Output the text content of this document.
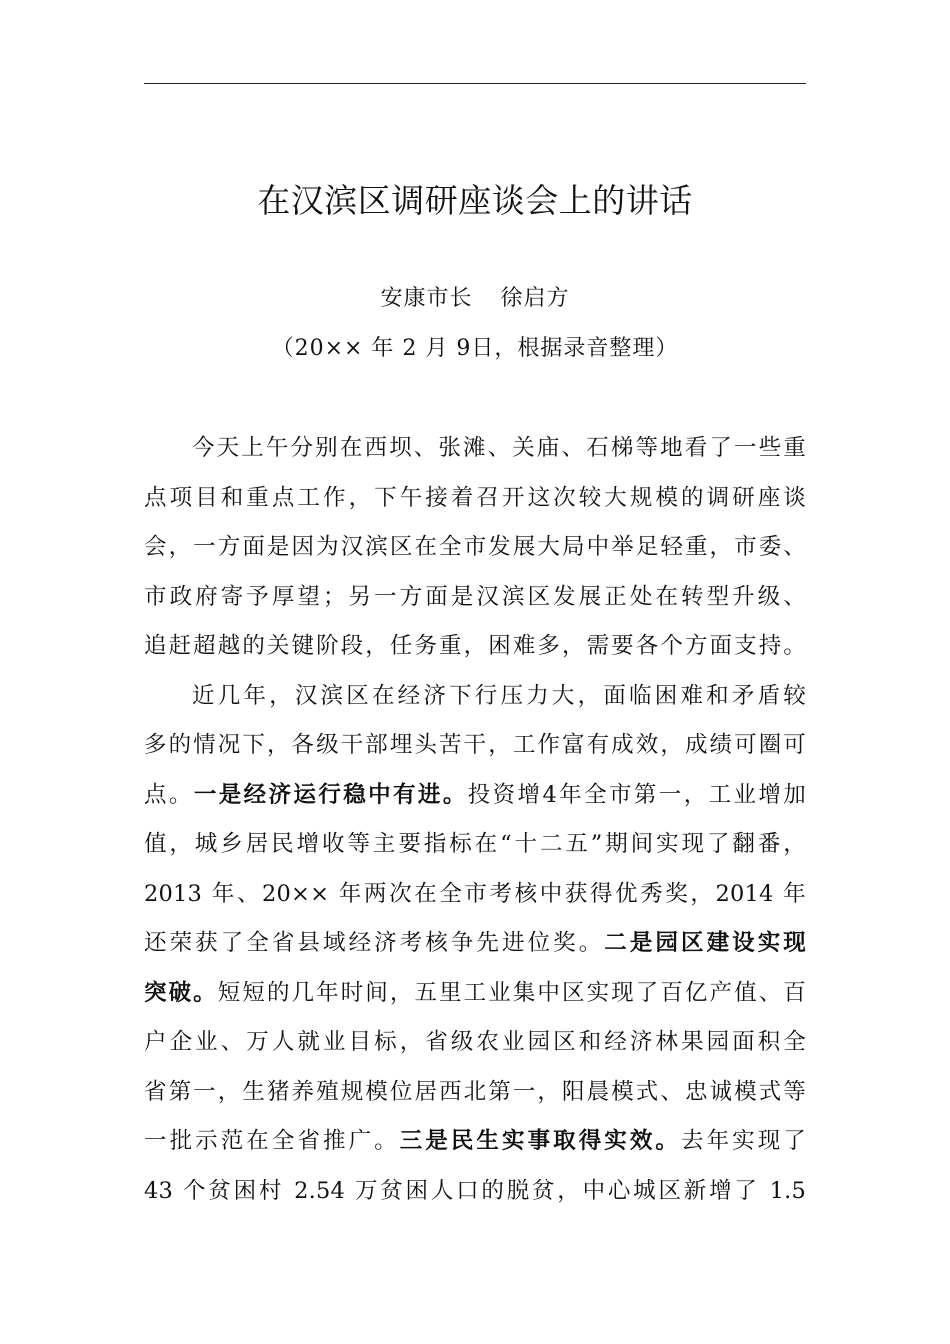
在汉滨区调研座谈会上的讲话
安康市长 徐启方
（20×× 年 2 月 9日，根据录音整理）
今天上午分别在西坝、张滩、关庙、石梯等地看了一些重
点项目和重点工作，下午接着召开这次较大规模的调研座谈
会，一方面是因为汉滨区在全市发展大局中举足轻重，市委、
市政府寄予厚望；另一方面是汉滨区发展正处在转型升级、
追赶超越的关键阶段，任务重，困难多，需要各个方面支持。
近几年，汉滨区在经济下行压力大，面临困难和矛盾较
多的情况下，各级干部埋头苦干，工作富有成效，成绩可圈可
点。一是经济运行稳中有进。投资增4年全市第一，工业增加
值，城乡居民增收等主要指标在“十二五”期间实现了翻番，
2013 年、20×× 年两次在全市考核中获得优秀奖，2014 年
还荣获了全省县域经济考核争先进位奖。二是园区建设实现
突破。短短的几年时间，五里工业集中区实现了百亿产值、百
户企业、万人就业目标，省级农业园区和经济林果园面积全
省第一，生猪养殖规模位居西北第一，阳晨模式、忠诚模式等
一批示范在全省推广。三是民生实事取得实效。去年实现了
43 个贫困村 2.54 万贫困人口的脱贫，中心城区新增了 1.5
